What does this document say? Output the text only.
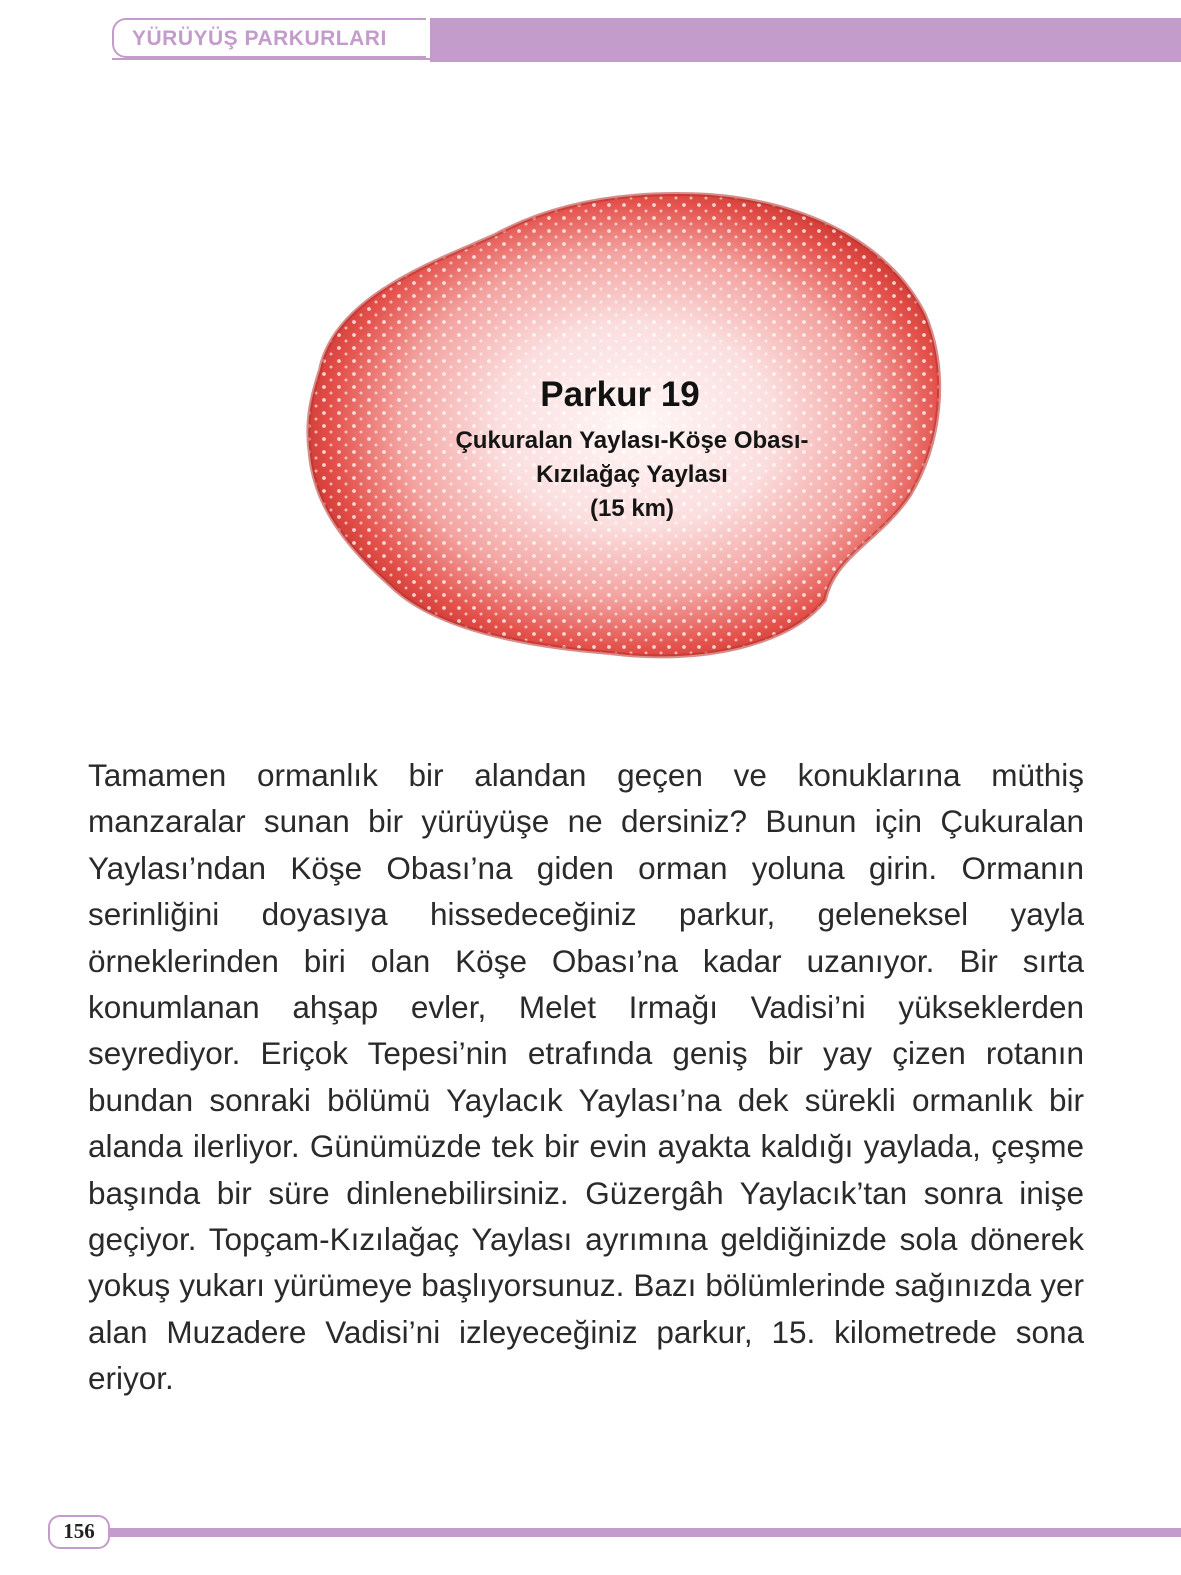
YÜRÜYÜŞ PARKURLARI
Parkur 19
Çukuralan Yaylası-Köşe Obası-
Kızılağaç Yaylası
(15 km)

Tamamen ormanlık bir alandan geçen ve konuklarına müthiş manzaralar sunan bir yürüyüşe ne dersiniz? Bunun için Çukuralan Yaylası’ndan Köşe Obası’na giden orman yoluna girin. Ormanın serinliğini doyasıya hissedeceğiniz parkur, geleneksel yayla örneklerinden biri olan Köşe Obası’na kadar uzanıyor. Bir sırta konumlanan ahşap evler, Melet Irmağı Vadisi’ni yükseklerden seyrediyor. Eriçok Tepesi’nin etrafında geniş bir yay çizen rotanın bundan sonraki bölümü Yaylacık Yaylası’na dek sürekli ormanlık bir alanda ilerliyor. Günümüzde tek bir evin ayakta kaldığı yaylada, çeşme başında bir süre dinlenebilirsiniz. Güzergâh Yaylacık’tan sonra inişe geçiyor. Topçam-Kızılağaç Yaylası ayrımına geldiğinizde sola dönerek yokuş yukarı yürümeye başlıyorsunuz. Bazı bölümlerinde sağınızda yer alan Muzadere Vadisi’ni izleyeceğiniz parkur, 15. kilometrede sona eriyor.

156
